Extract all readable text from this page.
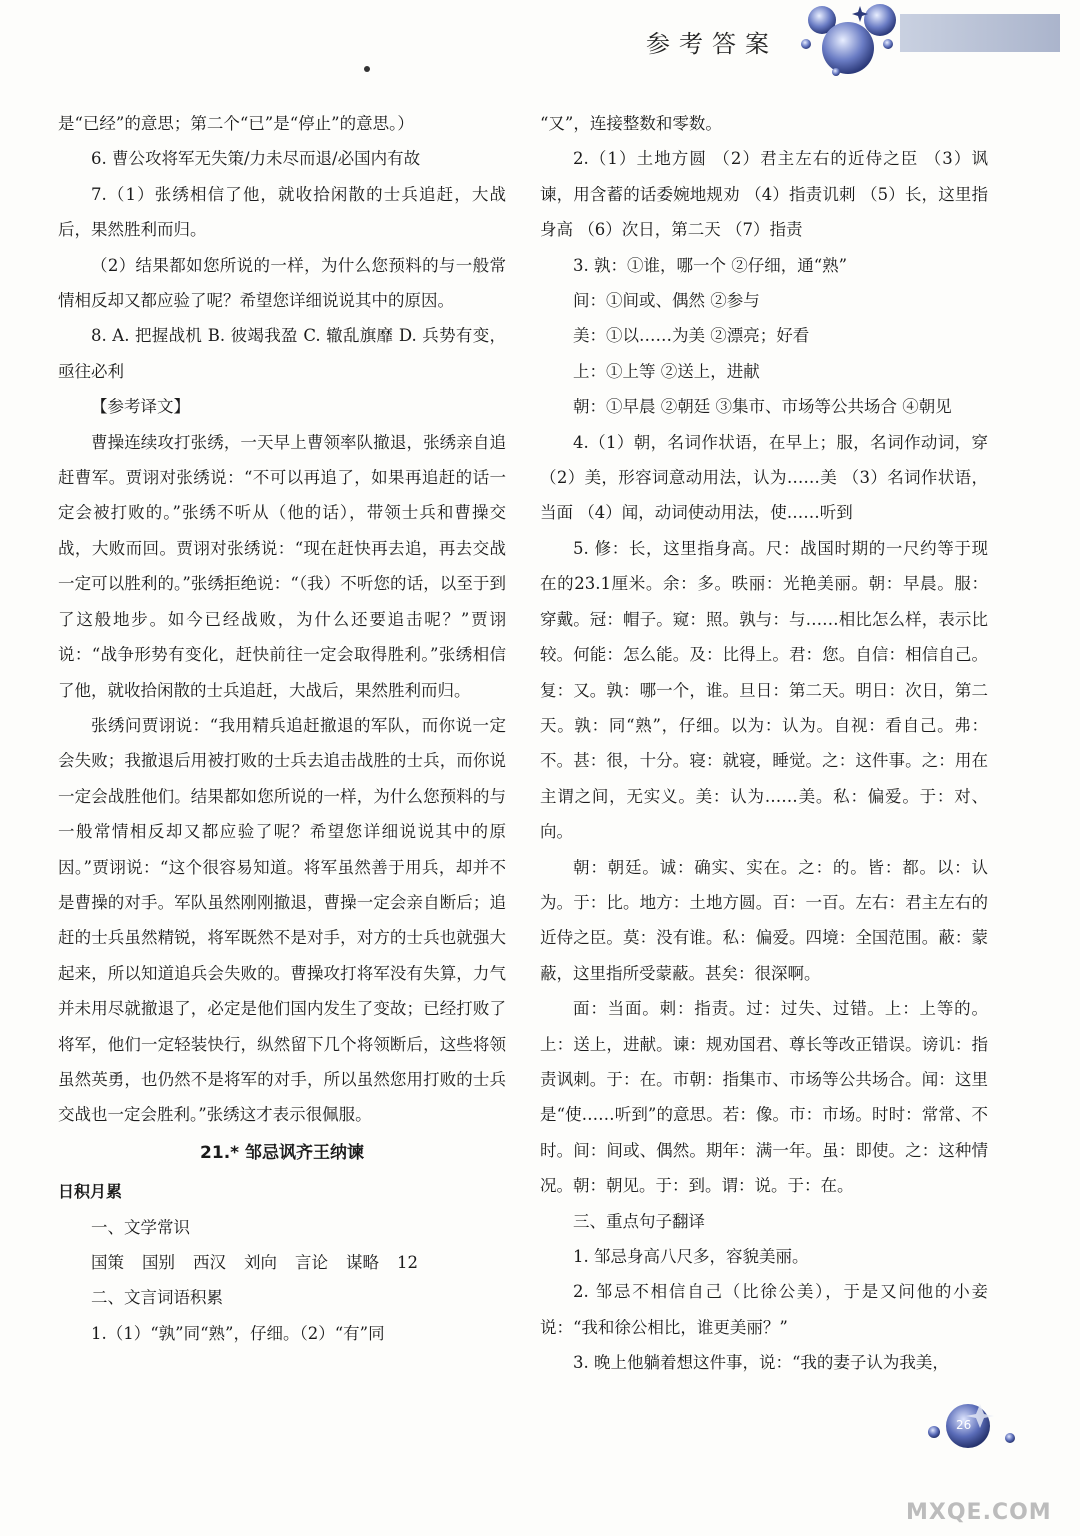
参考答案

是“已经”的意思；第二个“已”是“停止”的意思。）

6. 曹公攻将军无失策/力未尽而退/必国内有故

7.（1）张绣相信了他，就收拾闲散的士兵追赶，大战后，果然胜利而归。

（2）结果都如您所说的一样，为什么您预料的与一般常情相反却又都应验了呢？希望您详细说说其中的原因。

8. A. 把握战机 B. 彼竭我盈 C. 辙乱旗靡 D. 兵势有变，亟往必利

【参考译文】

曹操连续攻打张绣，一天早上曹领率队撤退，张绣亲自追赶曹军。贾诩对张绣说：“不可以再追了，如果再追赶的话一定会被打败的。”张绣不听从（他的话），带领士兵和曹操交战，大败而回。贾诩对张绣说：“现在赶快再去追，再去交战一定可以胜利的。”张绣拒绝说：“（我）不听您的话，以至于到了这般地步。如今已经战败，为什么还要追击呢？”贾诩说：“战争形势有变化，赶快前往一定会取得胜利。”张绣相信了他，就收拾闲散的士兵追赶，大战后，果然胜利而归。

张绣问贾诩说：“我用精兵追赶撤退的军队，而你说一定会失败；我撤退后用被打败的士兵去追击战胜的士兵，而你说一定会战胜他们。结果都如您所说的一样，为什么您预料的与一般常情相反却又都应验了呢？希望您详细说说其中的原因。”贾诩说：“这个很容易知道。将军虽然善于用兵，却并不是曹操的对手。军队虽然刚刚撤退，曹操一定会亲自断后；追赶的士兵虽然精锐，将军既然不是对手，对方的士兵也就强大起来，所以知道追兵会失败的。曹操攻打将军没有失算，力气并未用尽就撤退了，必定是他们国内发生了变故；已经打败了将军，他们一定轻装快行，纵然留下几个将领断后，这些将领虽然英勇，也仍然不是将军的对手，所以虽然您用打败的士兵交战也一定会胜利。”张绣这才表示很佩服。

21.* 邹忌讽齐王纳谏
日积月累

一、文学常识

国策 国别 西汉 刘向 言论 谋略 12

二、文言词语积累

1.（1）“孰”同“熟”，仔细。（2）“有”同

“又”，连接整数和零数。

2.（1）土地方圆 （2）君主左右的近侍之臣 （3）讽谏，用含蓄的话委婉地规劝 （4）指责讥刺 （5）长，这里指身高 （6）次日，第二天 （7）指责

3. 孰：①谁，哪一个 ②仔细，通“熟”

间：①间或、偶然 ②参与

美：①以……为美 ②漂亮；好看

上：①上等 ②送上，进献

朝：①早晨 ②朝廷 ③集市、市场等公共场合 ④朝见

4.（1）朝，名词作状语，在早上；服，名词作动词，穿 （2）美，形容词意动用法，认为……美 （3）名词作状语，当面 （4）闻，动词使动用法，使……听到

5. 修：长，这里指身高。尺：战国时期的一尺约等于现在的23.1厘米。余：多。昳丽：光艳美丽。朝：早晨。服：穿戴。冠：帽子。窥：照。孰与：与……相比怎么样，表示比较。何能：怎么能。及：比得上。君：您。自信：相信自己。复：又。孰：哪一个，谁。旦日：第二天。明日：次日，第二天。孰：同“熟”，仔细。以为：认为。自视：看自己。弗：不。甚：很，十分。寝：就寝，睡觉。之：这件事。之：用在主谓之间，无实义。美：认为……美。私：偏爱。于：对、向。

朝：朝廷。诚：确实、实在。之：的。皆：都。以：认为。于：比。地方：土地方圆。百：一百。左右：君主左右的近侍之臣。莫：没有谁。私：偏爱。四境：全国范围。蔽：蒙蔽，这里指所受蒙蔽。甚矣：很深啊。

面：当面。刺：指责。过：过失、过错。上：上等的。上：送上，进献。谏：规劝国君、尊长等改正错误。谤讥：指责讽刺。于：在。市朝：指集市、市场等公共场合。闻：这里是“使……听到”的意思。若：像。市：市场。时时：常常、不时。间：间或、偶然。期年：满一年。虽：即使。之：这种情况。朝：朝见。于：到。谓：说。于：在。

三、重点句子翻译

1. 邹忌身高八尺多，容貌美丽。

2. 邹忌不相信自己（比徐公美），于是又问他的小妾说：“我和徐公相比，谁更美丽？”

3. 晚上他躺着想这件事，说：“我的妻子认为我美，

26
MXQE.COM
